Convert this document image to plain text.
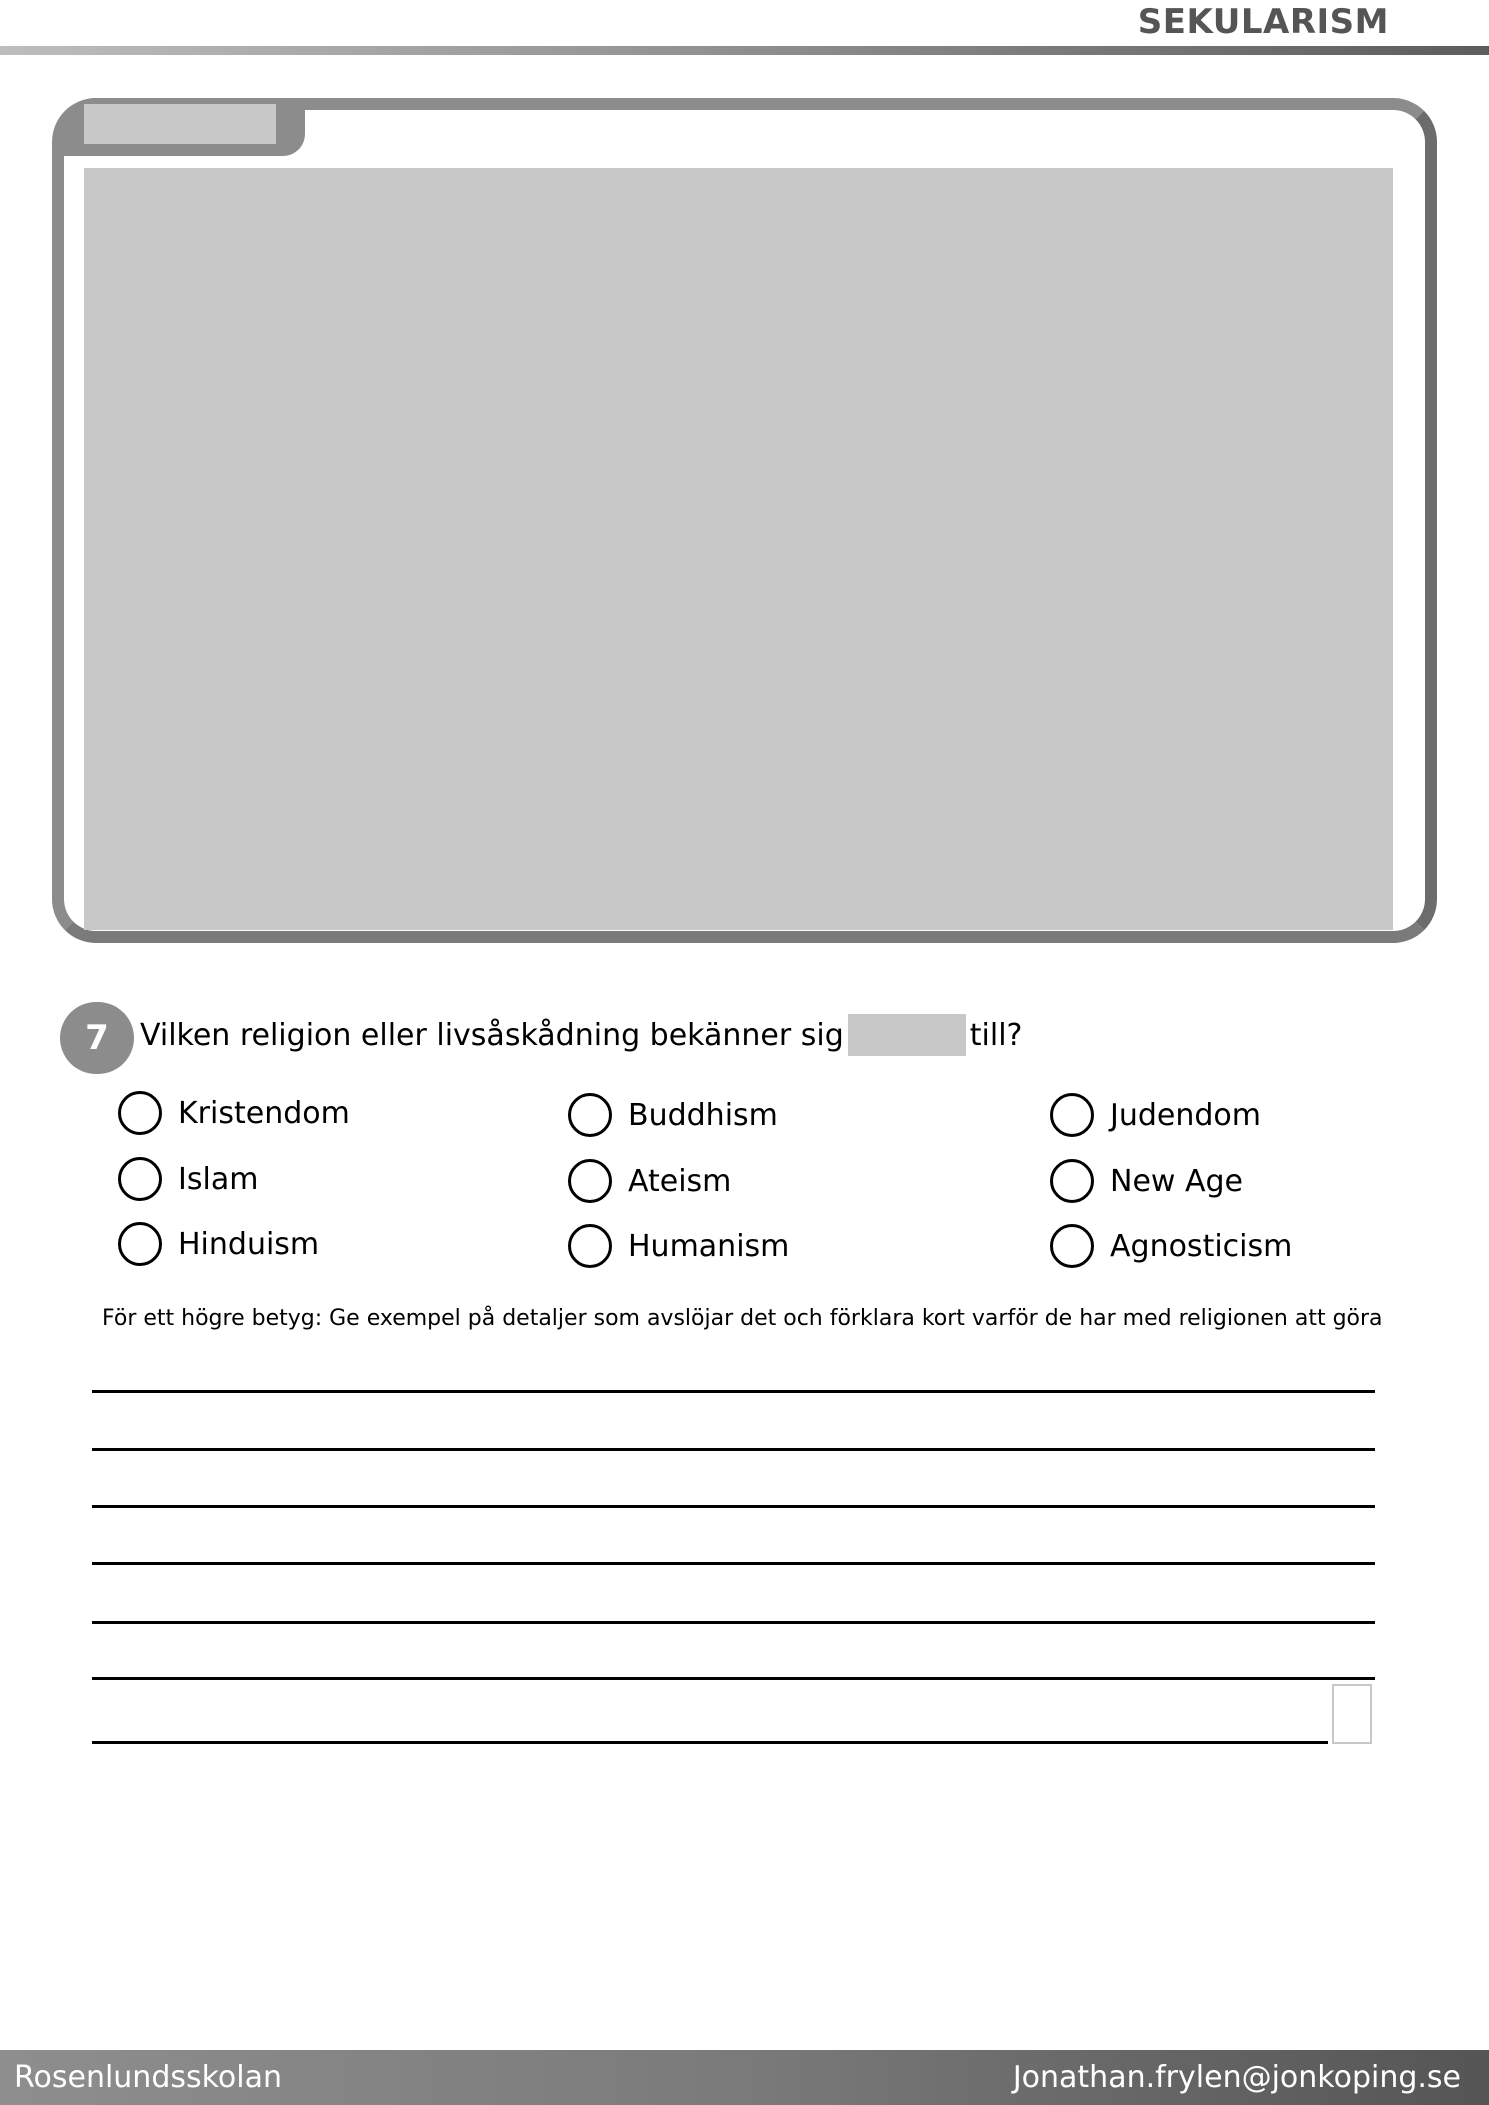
SEKULARISM
7	Vilken religion eller livsåskådning bekänner sig	till?
Kristendom
Islam
Hinduism
Buddhism
Ateism
Humanism
Judendom
New Age
Agnosticism
För ett högre betyg: Ge exempel på detaljer som avslöjar det och förklara kort varför de har med religionen att göra
Rosenlundsskolan	Jonathan.frylen@jonkoping.se
